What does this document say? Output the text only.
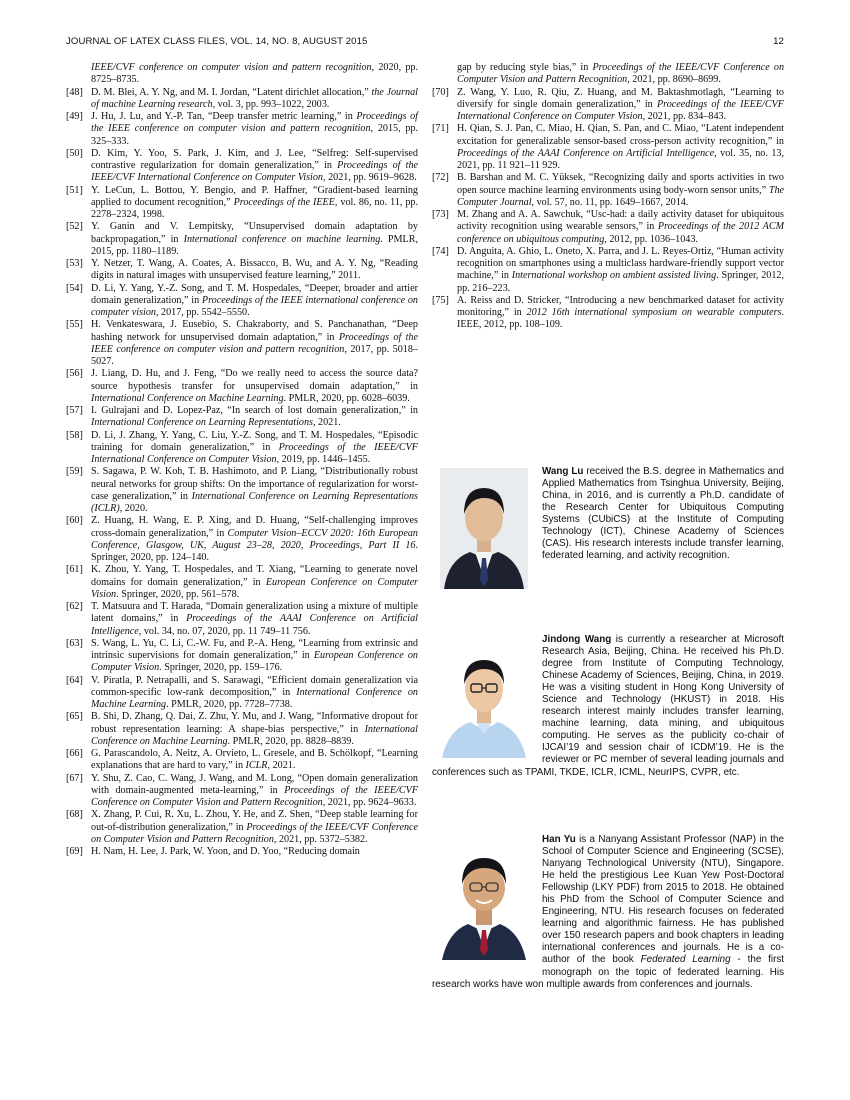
JOURNAL OF LATEX CLASS FILES, VOL. 14, NO. 8, AUGUST 2015	12
IEEE/CVF conference on computer vision and pattern recognition, 2020, pp. 8725–8735.
[48] D. M. Blei, A. Y. Ng, and M. I. Jordan, “Latent dirichlet allocation,” the Journal of machine Learning research, vol. 3, pp. 993–1022, 2003.
[49] J. Hu, J. Lu, and Y.-P. Tan, “Deep transfer metric learning,” in Proceedings of the IEEE conference on computer vision and pattern recognition, 2015, pp. 325–333.
[50] D. Kim, Y. Yoo, S. Park, J. Kim, and J. Lee, “Selfreg: Self-supervised contrastive regularization for domain generalization,” in Proceedings of the IEEE/CVF International Conference on Computer Vision, 2021, pp. 9619–9628.
[51] Y. LeCun, L. Bottou, Y. Bengio, and P. Haffner, “Gradient-based learning applied to document recognition,” Proceedings of the IEEE, vol. 86, no. 11, pp. 2278–2324, 1998.
[52] Y. Ganin and V. Lempitsky, “Unsupervised domain adaptation by backpropagation,” in International conference on machine learning. PMLR, 2015, pp. 1180–1189.
[53] Y. Netzer, T. Wang, A. Coates, A. Bissacco, B. Wu, and A. Y. Ng, “Reading digits in natural images with unsupervised feature learning,” 2011.
[54] D. Li, Y. Yang, Y.-Z. Song, and T. M. Hospedales, “Deeper, broader and artier domain generalization,” in Proceedings of the IEEE international conference on computer vision, 2017, pp. 5542–5550.
[55] H. Venkateswara, J. Eusebio, S. Chakraborty, and S. Panchanathan, “Deep hashing network for unsupervised domain adaptation,” in Proceedings of the IEEE conference on computer vision and pattern recognition, 2017, pp. 5018–5027.
[56] J. Liang, D. Hu, and J. Feng, “Do we really need to access the source data? source hypothesis transfer for unsupervised domain adaptation,” in International Conference on Machine Learning. PMLR, 2020, pp. 6028–6039.
[57] I. Gulrajani and D. Lopez-Paz, “In search of lost domain generalization,” in International Conference on Learning Representations, 2021.
[58] D. Li, J. Zhang, Y. Yang, C. Liu, Y.-Z. Song, and T. M. Hospedales, “Episodic training for domain generalization,” in Proceedings of the IEEE/CVF International Conference on Computer Vision, 2019, pp. 1446–1455.
[59] S. Sagawa, P. W. Koh, T. B. Hashimoto, and P. Liang, “Distributionally robust neural networks for group shifts: On the importance of regularization for worst-case generalization,” in International Conference on Learning Representations (ICLR), 2020.
[60] Z. Huang, H. Wang, E. P. Xing, and D. Huang, “Self-challenging improves cross-domain generalization,” in Computer Vision–ECCV 2020: 16th European Conference, Glasgow, UK, August 23–28, 2020, Proceedings, Part II 16. Springer, 2020, pp. 124–140.
[61] K. Zhou, Y. Yang, T. Hospedales, and T. Xiang, “Learning to generate novel domains for domain generalization,” in European Conference on Computer Vision. Springer, 2020, pp. 561–578.
[62] T. Matsuura and T. Harada, “Domain generalization using a mixture of multiple latent domains,” in Proceedings of the AAAI Conference on Artificial Intelligence, vol. 34, no. 07, 2020, pp. 11 749–11 756.
[63] S. Wang, L. Yu, C. Li, C.-W. Fu, and P.-A. Heng, “Learning from extrinsic and intrinsic supervisions for domain generalization,” in European Conference on Computer Vision. Springer, 2020, pp. 159–176.
[64] V. Piratla, P. Netrapalli, and S. Sarawagi, “Efficient domain generalization via common-specific low-rank decomposition,” in International Conference on Machine Learning. PMLR, 2020, pp. 7728–7738.
[65] B. Shi, D. Zhang, Q. Dai, Z. Zhu, Y. Mu, and J. Wang, “Informative dropout for robust representation learning: A shape-bias perspective,” in International Conference on Machine Learning. PMLR, 2020, pp. 8828–8839.
[66] G. Parascandolo, A. Neitz, A. Orvieto, L. Gresele, and B. Schölkopf, “Learning explanations that are hard to vary,” in ICLR, 2021.
[67] Y. Shu, Z. Cao, C. Wang, J. Wang, and M. Long, “Open domain generalization with domain-augmented meta-learning,” in Proceedings of the IEEE/CVF Conference on Computer Vision and Pattern Recognition, 2021, pp. 9624–9633.
[68] X. Zhang, P. Cui, R. Xu, L. Zhou, Y. He, and Z. Shen, “Deep stable learning for out-of-distribution generalization,” in Proceedings of the IEEE/CVF Conference on Computer Vision and Pattern Recognition, 2021, pp. 5372–5382.
[69] H. Nam, H. Lee, J. Park, W. Yoon, and D. Yoo, “Reducing domain
gap by reducing style bias,” in Proceedings of the IEEE/CVF Conference on Computer Vision and Pattern Recognition, 2021, pp. 8690–8699.
[70] Z. Wang, Y. Luo, R. Qiu, Z. Huang, and M. Baktashmotlagh, “Learning to diversify for single domain generalization,” in Proceedings of the IEEE/CVF International Conference on Computer Vision, 2021, pp. 834–843.
[71] H. Qian, S. J. Pan, C. Miao, H. Qian, S. Pan, and C. Miao, “Latent independent excitation for generalizable sensor-based cross-person activity recognition,” in Proceedings of the AAAI Conference on Artificial Intelligence, vol. 35, no. 13, 2021, pp. 11 921–11 929.
[72] B. Barshan and M. C. Yüksek, “Recognizing daily and sports activities in two open source machine learning environments using body-worn sensor units,” The Computer Journal, vol. 57, no. 11, pp. 1649–1667, 2014.
[73] M. Zhang and A. A. Sawchuk, “Usc-had: a daily activity dataset for ubiquitous activity recognition using wearable sensors,” in Proceedings of the 2012 ACM conference on ubiquitous computing, 2012, pp. 1036–1043.
[74] D. Anguita, A. Ghio, L. Oneto, X. Parra, and J. L. Reyes-Ortiz, “Human activity recognition on smartphones using a multiclass hardware-friendly support vector machine,” in International workshop on ambient assisted living. Springer, 2012, pp. 216–223.
[75] A. Reiss and D. Stricker, “Introducing a new benchmarked dataset for activity monitoring,” in 2012 16th international symposium on wearable computers. IEEE, 2012, pp. 108–109.

Wang Lu received the B.S. degree in Mathematics and Applied Mathematics from Tsinghua University, Beijing, China, in 2016, and is currently a Ph.D. candidate of the Research Center for Ubiquitous Computing Systems (CUbiCS) at the Institute of Computing Technology (ICT), Chinese Academy of Sciences (CAS). His research interests include transfer learning, federated learning, and activity recognition.

Jindong Wang is currently a researcher at Microsoft Research Asia, Beijing, China. He received his Ph.D. degree from Institute of Computing Technology, Chinese Academy of Sciences, Beijing, China, in 2019. He was a visiting student in Hong Kong University of Science and Technology (HKUST) in 2018. His research interest mainly includes transfer learning, machine learning, data mining, and ubiquitous computing. He serves as the publicity co-chair of IJCAI’19 and session chair of ICDM’19. He is the reviewer or PC member of several leading journals and conferences such as TPAMI, TKDE, ICLR, ICML, NeurIPS, CVPR, etc.

Han Yu is a Nanyang Assistant Professor (NAP) in the School of Computer Science and Engineering (SCSE), Nanyang Technological University (NTU), Singapore. He held the prestigious Lee Kuan Yew Post-Doctoral Fellowship (LKY PDF) from 2015 to 2018. He obtained his PhD from the School of Computer Science and Engineering, NTU. His research focuses on federated learning and algorithmic fairness. He has published over 150 research papers and book chapters in leading international conferences and journals. He is a co-author of the book Federated Learning - the first monograph on the topic of federated learning. His research works have won multiple awards from conferences and journals.
